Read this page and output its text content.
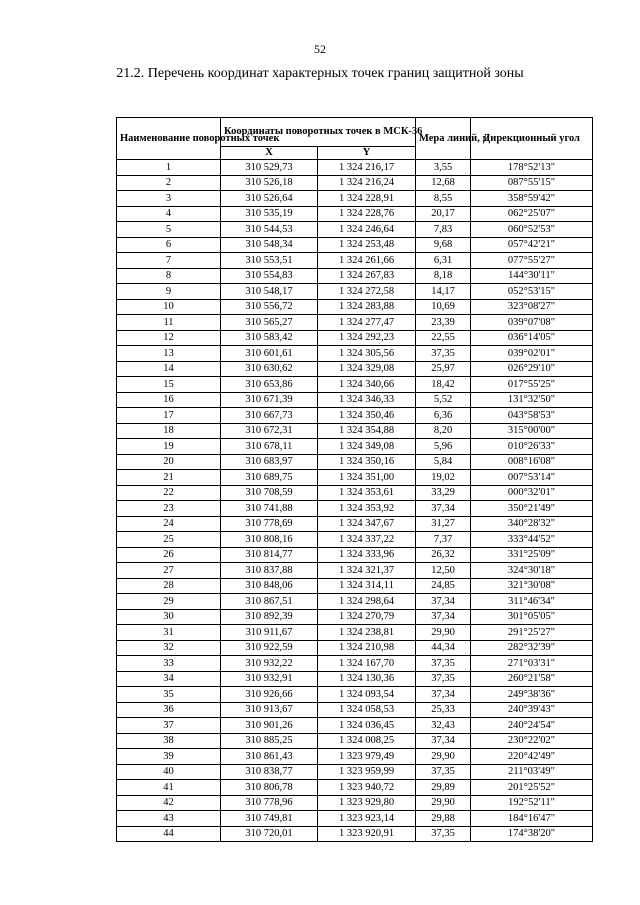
52
21.2. Перечень координат характерных точек границ защитной зоны
Наименование поворотных точек	Координаты поворотных точек в МСК-36		Мера линий, м	Дирекционный угол
	X	Y		
1	310 529,73	1 324 216,17	3,55	178°52'13"
2	310 526,18	1 324 216,24	12,68	087°55'15"
3	310 526,64	1 324 228,91	8,55	358°59'42"
4	310 535,19	1 324 228,76	20,17	062°25'07"
5	310 544,53	1 324 246,64	7,83	060°52'53"
6	310 548,34	1 324 253,48	9,68	057°42'21"
7	310 553,51	1 324 261,66	6,31	077°55'27"
8	310 554,83	1 324 267,83	8,18	144°30'11"
9	310 548,17	1 324 272,58	14,17	052°53'15"
10	310 556,72	1 324 283,88	10,69	323°08'27"
11	310 565,27	1 324 277,47	23,39	039°07'08"
12	310 583,42	1 324 292,23	22,55	036°14'05"
13	310 601,61	1 324 305,56	37,35	039°02'01"
14	310 630,62	1 324 329,08	25,97	026°29'10"
15	310 653,86	1 324 340,66	18,42	017°55'25"
16	310 671,39	1 324 346,33	5,52	131°32'50"
17	310 667,73	1 324 350,46	6,36	043°58'53"
18	310 672,31	1 324 354,88	8,20	315°00'00"
19	310 678,11	1 324 349,08	5,96	010°26'33"
20	310 683,97	1 324 350,16	5,84	008°16'08"
21	310 689,75	1 324 351,00	19,02	007°53'14"
22	310 708,59	1 324 353,61	33,29	000°32'01"
23	310 741,88	1 324 353,92	37,34	350°21'49"
24	310 778,69	1 324 347,67	31,27	340°28'32"
25	310 808,16	1 324 337,22	7,37	333°44'52"
26	310 814,77	1 324 333,96	26,32	331°25'09"
27	310 837,88	1 324 321,37	12,50	324°30'18"
28	310 848,06	1 324 314,11	24,85	321°30'08"
29	310 867,51	1 324 298,64	37,34	311°46'34"
30	310 892,39	1 324 270,79	37,34	301°05'05"
31	310 911,67	1 324 238,81	29,90	291°25'27"
32	310 922,59	1 324 210,98	44,34	282°32'39"
33	310 932,22	1 324 167,70	37,35	271°03'31"
34	310 932,91	1 324 130,36	37,35	260°21'58"
35	310 926,66	1 324 093,54	37,34	249°38'36"
36	310 913,67	1 324 058,53	25,33	240°39'43"
37	310 901,26	1 324 036,45	32,43	240°24'54"
38	310 885,25	1 324 008,25	37,34	230°22'02"
39	310 861,43	1 323 979,49	29,90	220°42'49"
40	310 838,77	1 323 959,99	37,35	211°03'49"
41	310 806,78	1 323 940,72	29,89	201°25'52"
42	310 778,96	1 323 929,80	29,90	192°52'11"
43	310 749,81	1 323 923,14	29,88	184°16'47"
44	310 720,01	1 323 920,91	37,35	174°38'20"
